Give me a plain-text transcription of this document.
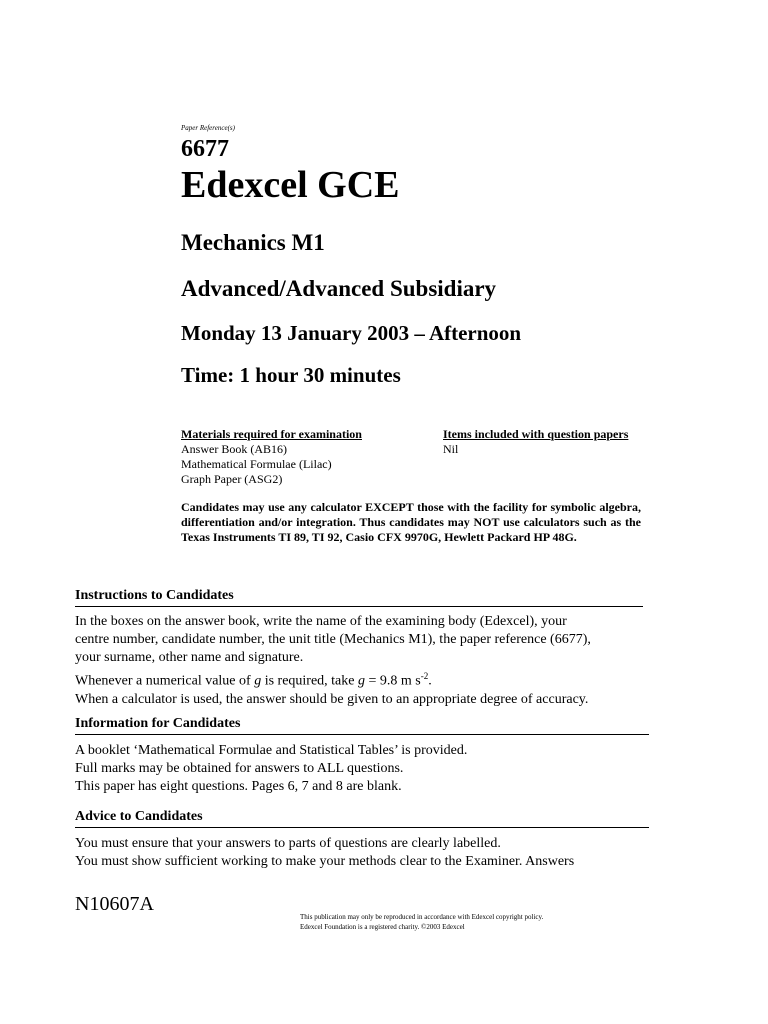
Paper Reference(s)
6677
Edexcel GCE
Mechanics M1
Advanced/Advanced Subsidiary
Monday 13 January 2003 – Afternoon
Time: 1 hour 30 minutes
Materials required for examination
Answer Book (AB16)
Mathematical Formulae (Lilac)
Graph Paper (ASG2)
Items included with question papers
Nil
Candidates may use any calculator EXCEPT those with the facility for symbolic algebra, differentiation and/or integration. Thus candidates may NOT use calculators such as the Texas Instruments TI 89, TI 92, Casio CFX 9970G, Hewlett Packard HP 48G.
Instructions to Candidates
In the boxes on the answer book, write the name of the examining body (Edexcel), your
centre number, candidate number, the unit title (Mechanics M1), the paper reference (6677),
your surname, other name and signature.
Whenever a numerical value of g is required, take g = 9.8 m $s^{-2}$.
When a calculator is used, the answer should be given to an appropriate degree of accuracy.
Information for Candidates
A booklet ‘Mathematical Formulae and Statistical Tables’ is provided.
Full marks may be obtained for answers to ALL questions.
This paper has eight questions. Pages 6, 7 and 8 are blank.
Advice to Candidates
You must ensure that your answers to parts of questions are clearly labelled.
You must show sufficient working to make your methods clear to the Examiner. Answers
N10607A
This publication may only be reproduced in accordance with Edexcel copyright policy.
Edexcel Foundation is a registered charity. ©2003 Edexcel
